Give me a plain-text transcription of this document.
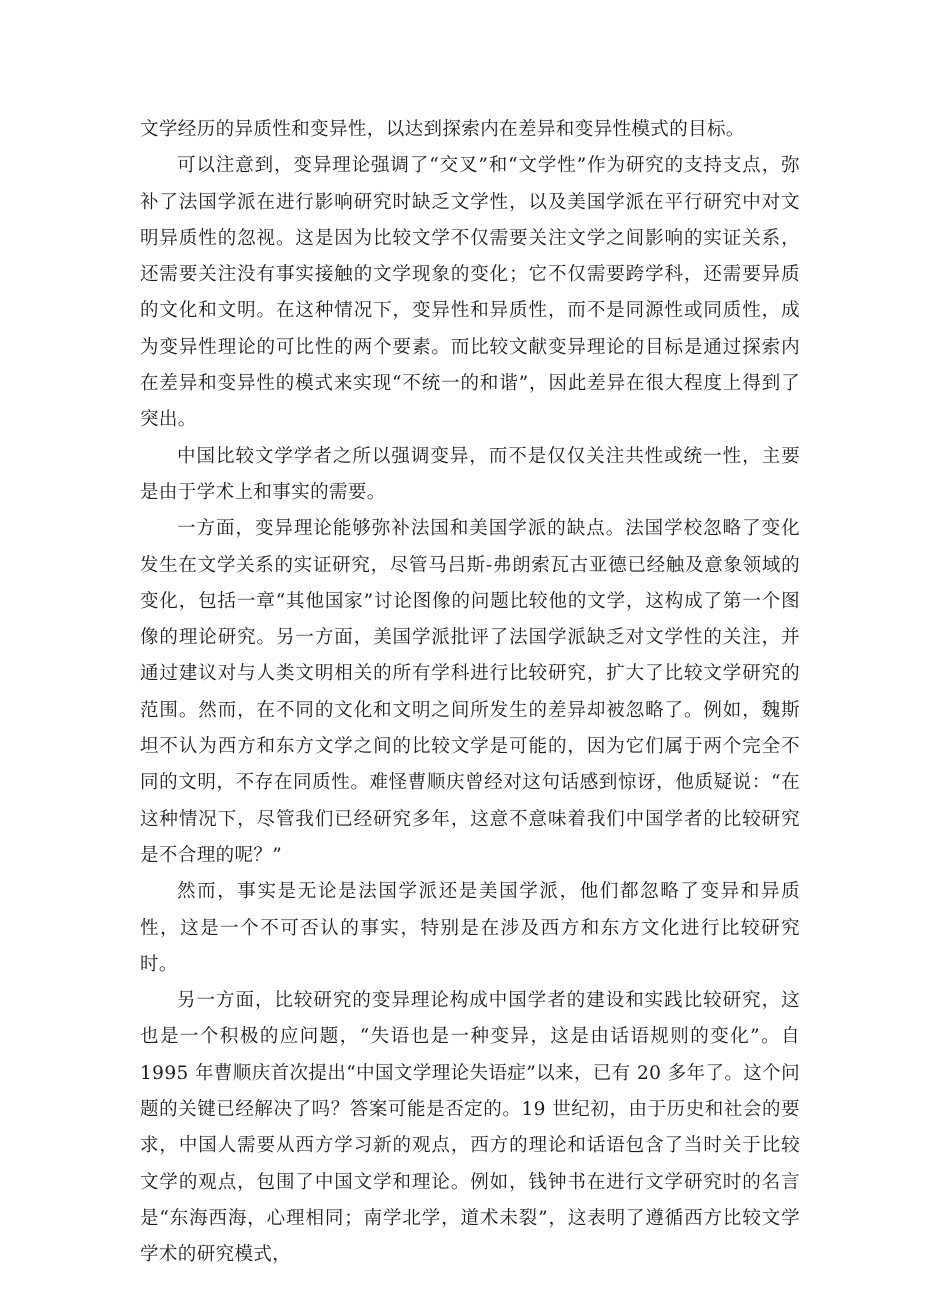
文学经历的异质性和变异性，以达到探索内在差异和变异性模式的目标。

可以注意到，变异理论强调了“交叉”和“文学性”作为研究的支持支点，弥补了法国学派在进行影响研究时缺乏文学性，以及美国学派在平行研究中对文明异质性的忽视。这是因为比较文学不仅需要关注文学之间影响的实证关系，还需要关注没有事实接触的文学现象的变化；它不仅需要跨学科，还需要异质的文化和文明。在这种情况下，变异性和异质性，而不是同源性或同质性，成为变异性理论的可比性的两个要素。而比较文献变异理论的目标是通过探索内在差异和变异性的模式来实现“不统一的和谐”，因此差异在很大程度上得到了突出。

中国比较文学学者之所以强调变异，而不是仅仅关注共性或统一性，主要是由于学术上和事实的需要。

一方面，变异理论能够弥补法国和美国学派的缺点。法国学校忽略了变化发生在文学关系的实证研究，尽管马吕斯-弗朗索瓦古亚德已经触及意象领域的变化，包括一章“其他国家”讨论图像的问题比较他的文学，这构成了第一个图像的理论研究。另一方面，美国学派批评了法国学派缺乏对文学性的关注，并通过建议对与人类文明相关的所有学科进行比较研究，扩大了比较文学研究的范围。然而，在不同的文化和文明之间所发生的差异却被忽略了。例如，魏斯坦不认为西方和东方文学之间的比较文学是可能的，因为它们属于两个完全不同的文明，不存在同质性。难怪曹顺庆曾经对这句话感到惊讶，他质疑说：“在这种情况下，尽管我们已经研究多年，这意不意味着我们中国学者的比较研究是不合理的呢？”

然而，事实是无论是法国学派还是美国学派，他们都忽略了变异和异质性，这是一个不可否认的事实，特别是在涉及西方和东方文化进行比较研究时。

另一方面，比较研究的变异理论构成中国学者的建设和实践比较研究，这也是一个积极的应问题，“失语也是一种变异，这是由话语规则的变化”。自 1995 年曹顺庆首次提出“中国文学理论失语症”以来，已有 20 多年了。这个问题的关键已经解决了吗？答案可能是否定的。19 世纪初，由于历史和社会的要求，中国人需要从西方学习新的观点，西方的理论和话语包含了当时关于比较文学的观点，包围了中国文学和理论。例如，钱钟书在进行文学研究时的名言是“东海西海，心理相同；南学北学，道术未裂”，这表明了遵循西方比较文学学术的研究模式，
